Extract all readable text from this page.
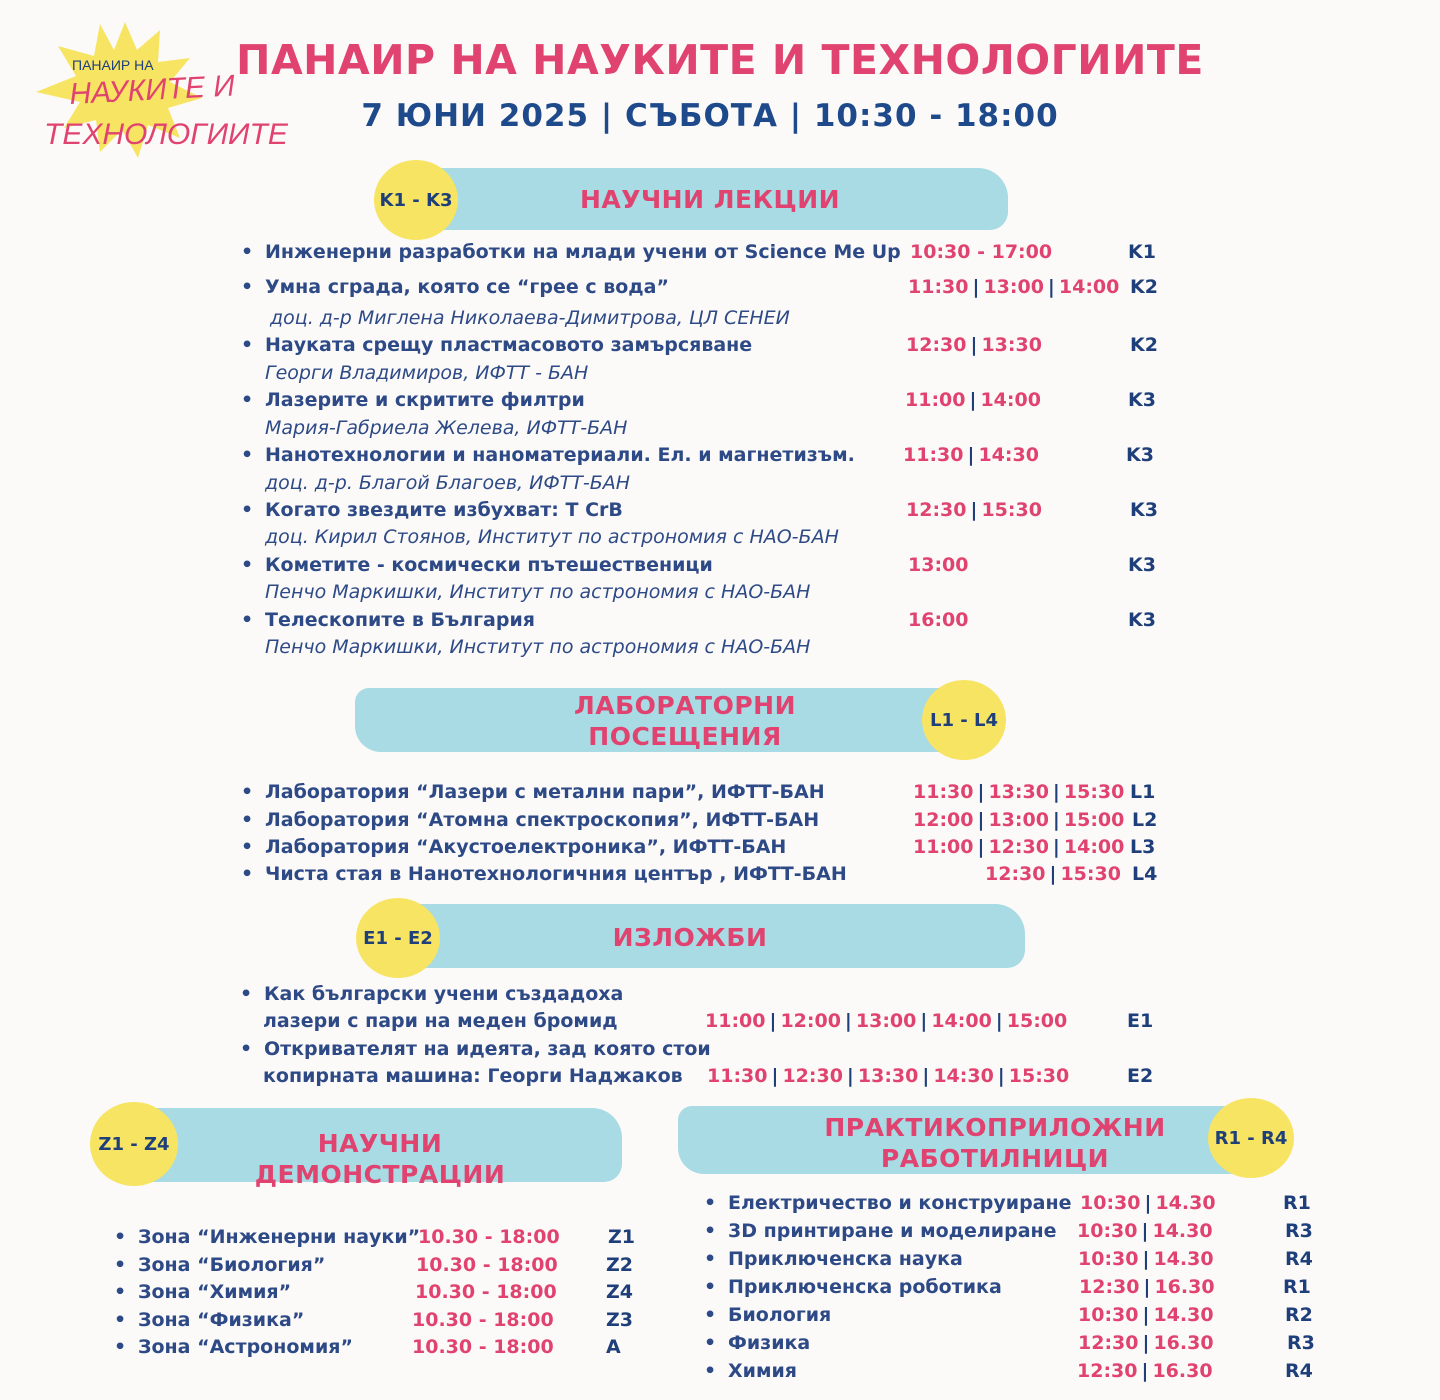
ПАНАИР НА
НАУКИТЕ И
ТЕХНОЛОГИИТЕ
ПАНАИР НА НАУКИТЕ И ТЕХНОЛОГИИТЕ
7 ЮНИ 2025 | СЪБОТА | 10:30 - 18:00
K1 - K3	НАУЧНИ ЛЕКЦИИ
• Инженерни разработки на млади учени от Science Me Up 10:30 - 17:00	K1
• Умна сграда, която се “грее с вода”
доц. д-р Миглена Николаева-Димитрова, ЦЛ СЕНЕИ
11:30 | 13:00 | 14:00 K2
• Науката срещу пластмасовото замърсяване
Георги Владимиров, ИФТТ - БАН
12:30 | 13:30	K2
• Лазерите и скритите филтри
Мария-Габриела Желева, ИФТТ-БАН
11:00 | 14:00	K3
• Нанотехнологии и наноматериали. Ел. и магнетизъм.
доц. д-р. Благой Благоев, ИФТТ-БАН
11:30 | 14:30	K3
• Когато звездите избухват: T CrB
доц. Кирил Стоянов, Институт по астрономия с НАО-БАН
12:30 | 15:30	K3
• Кометите - космически пътешественици
Пенчо Маркишки, Институт по астрономия с НАО-БАН
13:00	K3
• Телескопите в България
Пенчо Маркишки, Институт по астрономия с НАО-БАН
16:00	K3
L1 - L4
ЛАБОРАТОРНИ
ПОСЕЩЕНИЯ
• Лаборатория “Лазери с метални пари”, ИФТТ-БАН	11:30 | 13:30 | 15:30 L1
• Лаборатория “Атомна спектроскопия”, ИФТТ-БАН	12:00 | 13:00 | 15:00 L2
• Лаборатория “Акустоелектроника”, ИФТТ-БАН	11:00 | 12:30 | 14:00 L3
• Чиста стая в Нанотехнологичния център , ИФТТ-БАН	12:30 | 15:30 L4
E1 - E2	ИЗЛОЖБИ
• Как български учени създадоха
лазери с пари на меден бромид	11:00 | 12:00 | 13:00 | 14:00 | 15:00	E1
• Откривателят на идеята, зад която стои
копирната машина: Георги Наджаков 11:30 | 12:30 | 13:30 | 14:30 | 15:30	E2
Z1 - Z4	НАУЧНИ ДЕМОНСТРАЦИИ
• Зона “Инженерни науки”
10.30 - 18:00	Z1
• Зона “Биология”	10.30 - 18:00	Z2
• Зона “Химия”	10.30 - 18:00	Z4
• Зона “Физика”	10.30 - 18:00	Z3
• Зона “Астрономия”	10.30 - 18:00	A
R1 - R4
ПРАКТИКОПРИЛОЖНИ
РАБОТИЛНИЦИ
• Електричество и конструиране 10:30 | 14.30	R1
• 3D принтиране и моделиране 10:30 | 14.30	R3
• Приключенска наука	10:30 | 14.30	R4
• Приключенска роботика	12:30 | 16.30	R1
• Биология	10:30 | 14.30	R2
• Физика	12:30 | 16.30	R3
• Химия	12:30 | 16.30	R4
